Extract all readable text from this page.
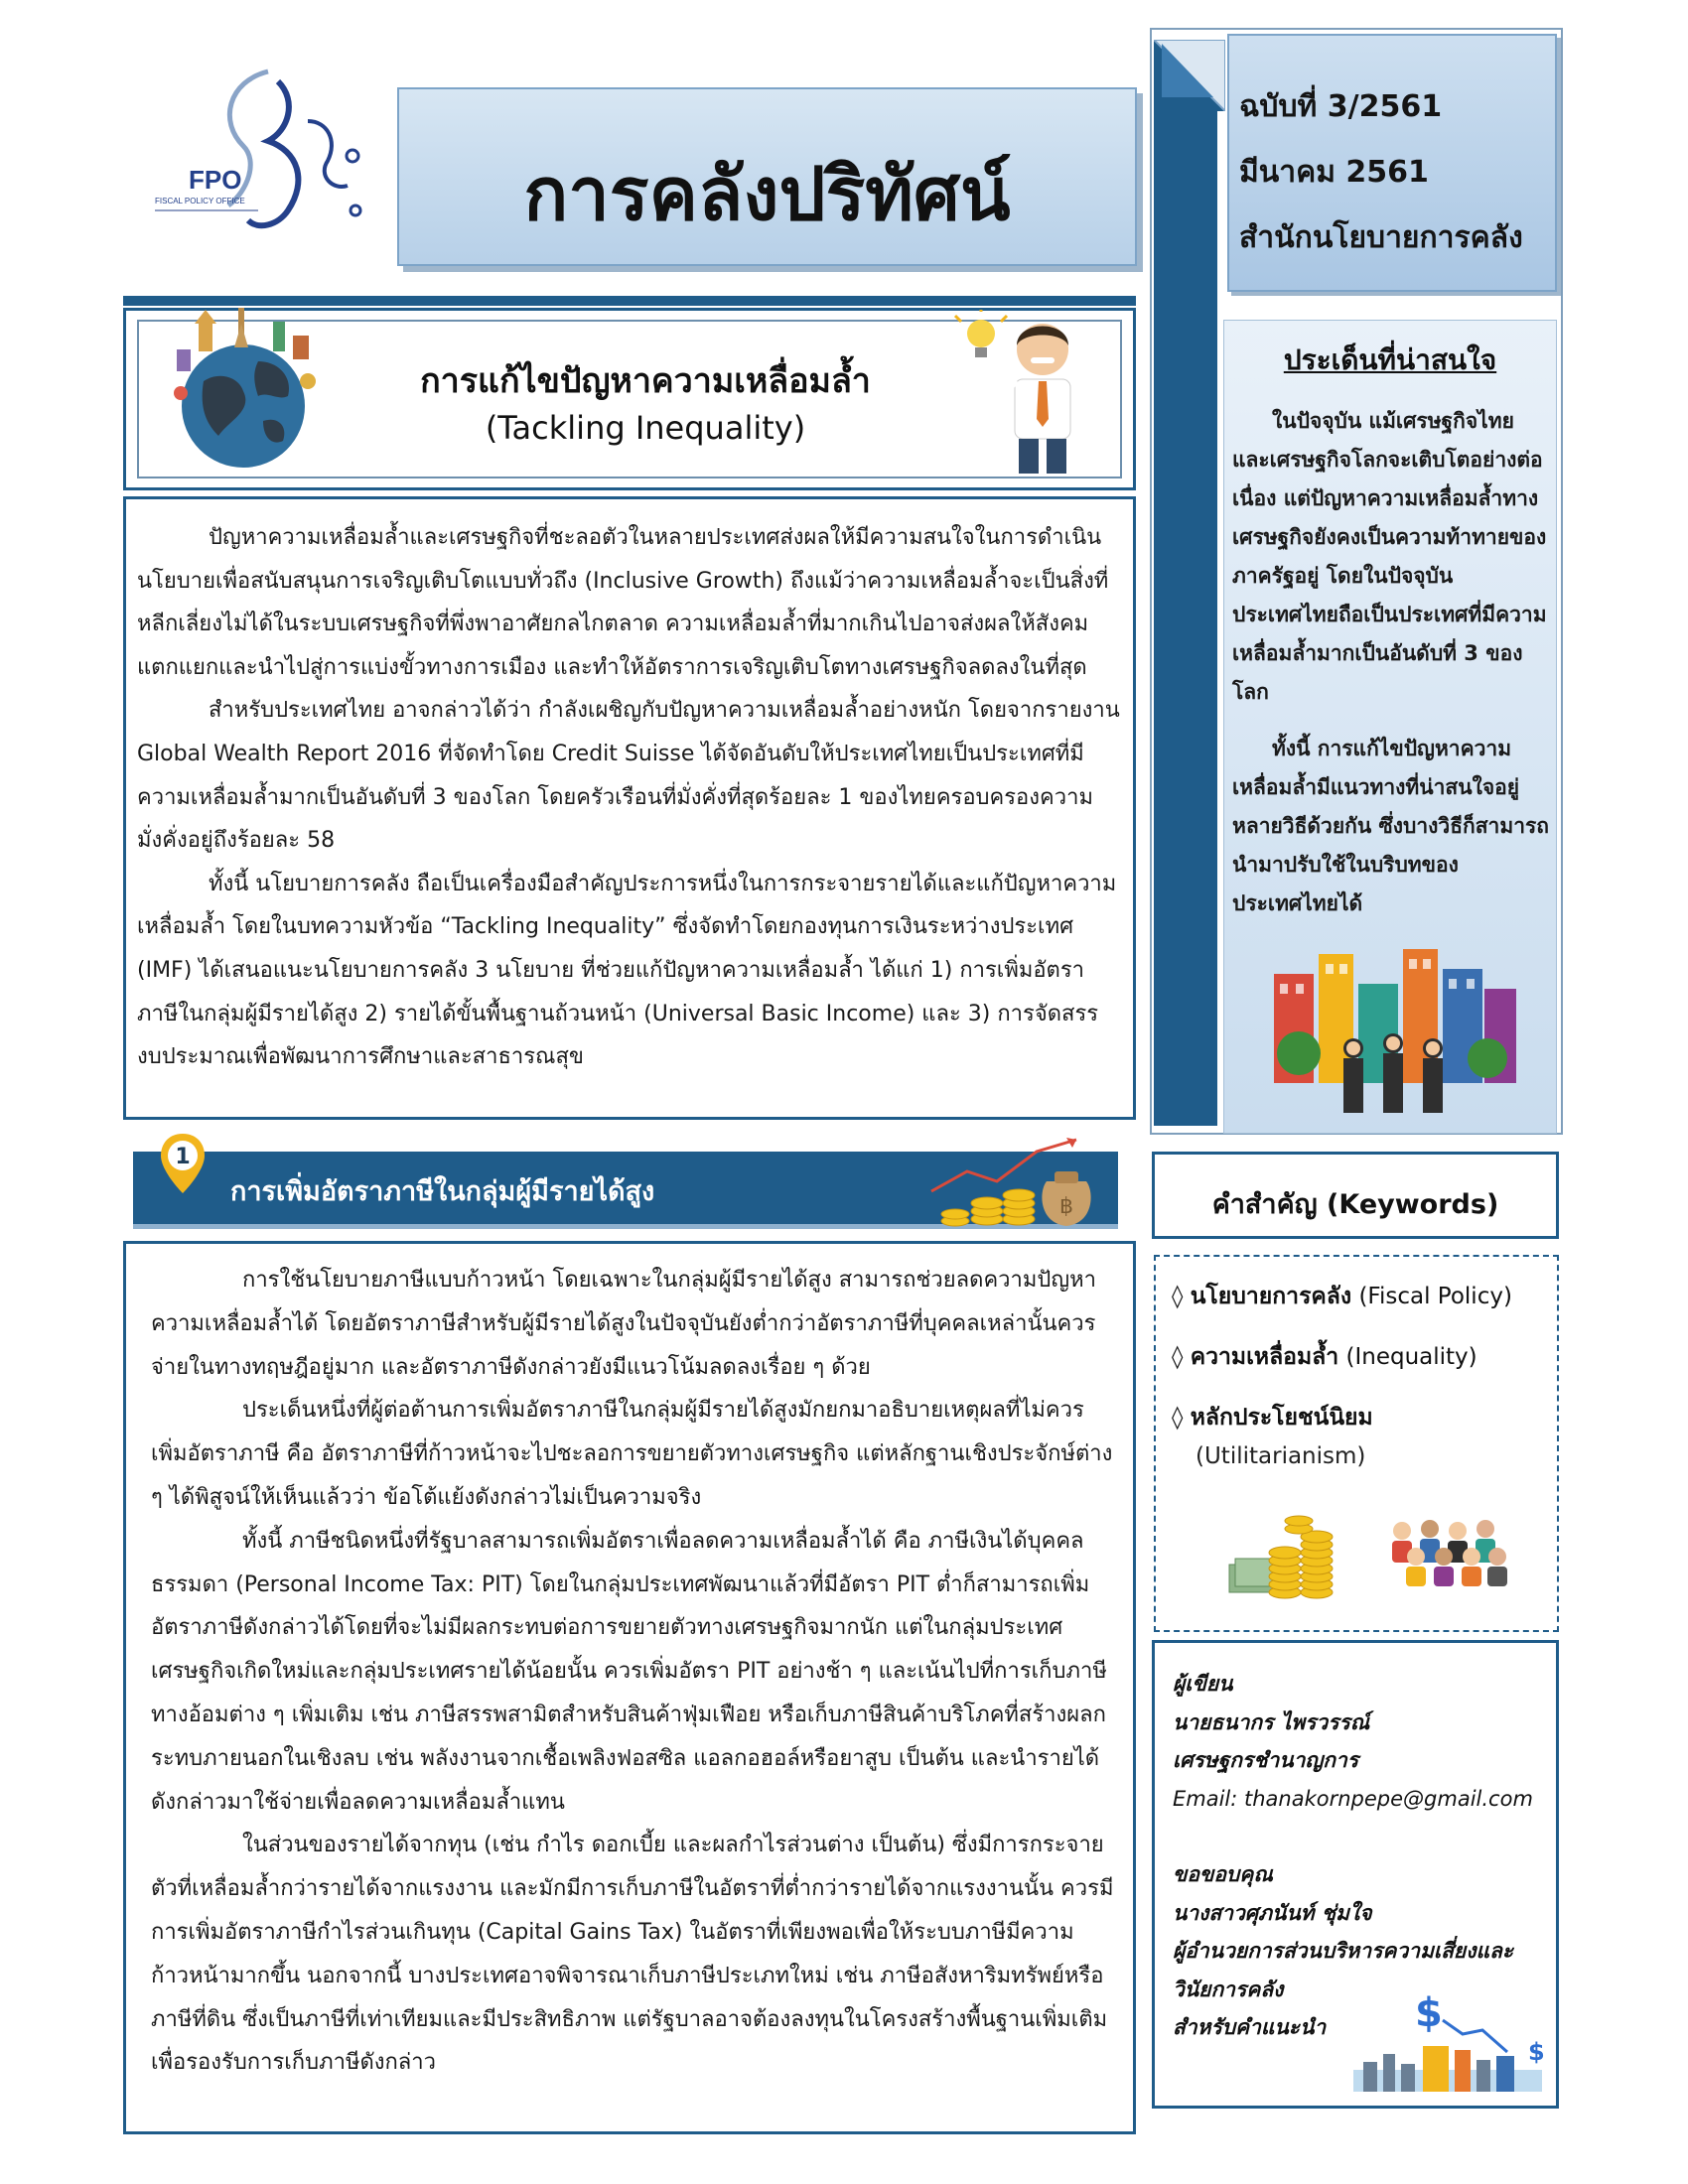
FPO
FISCAL POLICY OFFICE	การคลังปริทัศน์
ฉบับที่ 3/2561
มีนาคม 2561
สำนักนโยบายการคลัง
ประเด็นที่น่าสนใจ

ในปัจจุบัน แม้เศรษฐกิจไทยและเศรษฐกิจโลกจะเติบโตอย่างต่อเนื่อง แต่ปัญหาความเหลื่อมล้ำทางเศรษฐกิจยังคงเป็นความท้าทายของภาครัฐอยู่ โดยในปัจจุบันประเทศไทยถือเป็นประเทศที่มีความเหลื่อมล้ำมากเป็นอันดับที่ 3 ของโลก

ทั้งนี้ การแก้ไขปัญหาความเหลื่อมล้ำมีแนวทางที่น่าสนใจอยู่หลายวิธีด้วยกัน ซึ่งบางวิธีก็สามารถนำมาปรับใช้ในบริบทของประเทศไทยได้

การแก้ไขปัญหาความเหลื่อมล้ำ
(Tackling Inequality)

ปัญหาความเหลื่อมล้ำและเศรษฐกิจที่ชะลอตัวในหลายประเทศส่งผลให้มีความสนใจในการดำเนินนโยบายเพื่อสนับสนุนการเจริญเติบโตแบบทั่วถึง (Inclusive Growth) ถึงแม้ว่าความเหลื่อมล้ำจะเป็นสิ่งที่หลีกเลี่ยงไม่ได้ในระบบเศรษฐกิจที่พึ่งพาอาศัยกลไกตลาด ความเหลื่อมล้ำที่มากเกินไปอาจส่งผลให้สังคมแตกแยกและนำไปสู่การแบ่งขั้วทางการเมือง และทำให้อัตราการเจริญเติบโตทางเศรษฐกิจลดลงในที่สุด

สำหรับประเทศไทย อาจกล่าวได้ว่า กำลังเผชิญกับปัญหาความเหลื่อมล้ำอย่างหนัก โดยจากรายงาน Global Wealth Report 2016 ที่จัดทำโดย Credit Suisse ได้จัดอันดับให้ประเทศไทยเป็นประเทศที่มีความเหลื่อมล้ำมากเป็นอันดับที่ 3 ของโลก โดยครัวเรือนที่มั่งคั่งที่สุดร้อยละ 1 ของไทยครอบครองความมั่งคั่งอยู่ถึงร้อยละ 58

ทั้งนี้ นโยบายการคลัง ถือเป็นเครื่องมือสำคัญประการหนึ่งในการกระจายรายได้และแก้ปัญหาความเหลื่อมล้ำ โดยในบทความหัวข้อ “Tackling Inequality” ซึ่งจัดทำโดยกองทุนการเงินระหว่างประเทศ (IMF) ได้เสนอแนะนโยบายการคลัง 3 นโยบาย ที่ช่วยแก้ปัญหาความเหลื่อมล้ำ ได้แก่ 1) การเพิ่มอัตราภาษีในกลุ่มผู้มีรายได้สูง 2) รายได้ขั้นพื้นฐานถ้วนหน้า (Universal Basic Income) และ 3) การจัดสรรงบประมาณเพื่อพัฒนาการศึกษาและสาธารณสุข

1
การเพิ่มอัตราภาษีในกลุ่มผู้มีรายได้สูง	฿

การใช้นโยบายภาษีแบบก้าวหน้า โดยเฉพาะในกลุ่มผู้มีรายได้สูง สามารถช่วยลดความปัญหาความเหลื่อมล้ำได้ โดยอัตราภาษีสำหรับผู้มีรายได้สูงในปัจจุบันยังต่ำกว่าอัตราภาษีที่บุคคลเหล่านั้นควรจ่ายในทางทฤษฎีอยู่มาก และอัตราภาษีดังกล่าวยังมีแนวโน้มลดลงเรื่อย ๆ ด้วย

ประเด็นหนึ่งที่ผู้ต่อต้านการเพิ่มอัตราภาษีในกลุ่มผู้มีรายได้สูงมักยกมาอธิบายเหตุผลที่ไม่ควรเพิ่มอัตราภาษี คือ อัตราภาษีที่ก้าวหน้าจะไปชะลอการขยายตัวทางเศรษฐกิจ แต่หลักฐานเชิงประจักษ์ต่าง ๆ ได้พิสูจน์ให้เห็นแล้วว่า ข้อโต้แย้งดังกล่าวไม่เป็นความจริง

ทั้งนี้ ภาษีชนิดหนึ่งที่รัฐบาลสามารถเพิ่มอัตราเพื่อลดความเหลื่อมล้ำได้ คือ ภาษีเงินได้บุคคลธรรมดา (Personal Income Tax: PIT) โดยในกลุ่มประเทศพัฒนาแล้วที่มีอัตรา PIT ต่ำก็สามารถเพิ่มอัตราภาษีดังกล่าวได้โดยที่จะไม่มีผลกระทบต่อการขยายตัวทางเศรษฐกิจมากนัก แต่ในกลุ่มประเทศเศรษฐกิจเกิดใหม่และกลุ่มประเทศรายได้น้อยนั้น ควรเพิ่มอัตรา PIT อย่างช้า ๆ และเน้นไปที่การเก็บภาษีทางอ้อมต่าง ๆ เพิ่มเติม เช่น ภาษีสรรพสามิตสำหรับสินค้าฟุ่มเฟือย หรือเก็บภาษีสินค้าบริโภคที่สร้างผลกระทบภายนอกในเชิงลบ เช่น พลังงานจากเชื้อเพลิงฟอสซิล แอลกอฮอล์หรือยาสูบ เป็นต้น และนำรายได้ดังกล่าวมาใช้จ่ายเพื่อลดความเหลื่อมล้ำแทน

ในส่วนของรายได้จากทุน (เช่น กำไร ดอกเบี้ย และผลกำไรส่วนต่าง เป็นต้น) ซึ่งมีการกระจายตัวที่เหลื่อมล้ำกว่ารายได้จากแรงงาน และมักมีการเก็บภาษีในอัตราที่ต่ำกว่ารายได้จากแรงงานนั้น ควรมีการเพิ่มอัตราภาษีกำไรส่วนเกินทุน (Capital Gains Tax) ในอัตราที่เพียงพอเพื่อให้ระบบภาษีมีความก้าวหน้ามากขึ้น นอกจากนี้ บางประเทศอาจพิจารณาเก็บภาษีประเภทใหม่ เช่น ภาษีอสังหาริมทรัพย์หรือภาษีที่ดิน ซึ่งเป็นภาษีที่เท่าเทียมและมีประสิทธิภาพ แต่รัฐบาลอาจต้องลงทุนในโครงสร้างพื้นฐานเพิ่มเติมเพื่อรองรับการเก็บภาษีดังกล่าว

คำสำคัญ (Keywords)
◊ นโยบายการคลัง (Fiscal Policy)
◊ ความเหลื่อมล้ำ (Inequality)
◊ หลักประโยชน์นิยม
(Utilitarianism)
ผู้เขียน
นายธนากร ไพรวรรณ์
เศรษฐกรชำนาญการ
Email: thanakornpepe@gmail.com
ขอขอบคุณ
นางสาวศุภนันท์ ชุ่มใจ
ผู้อำนวยการส่วนบริหารความเสี่ยงและ
วินัยการคลัง
สำหรับคำแนะนำ	$
$
